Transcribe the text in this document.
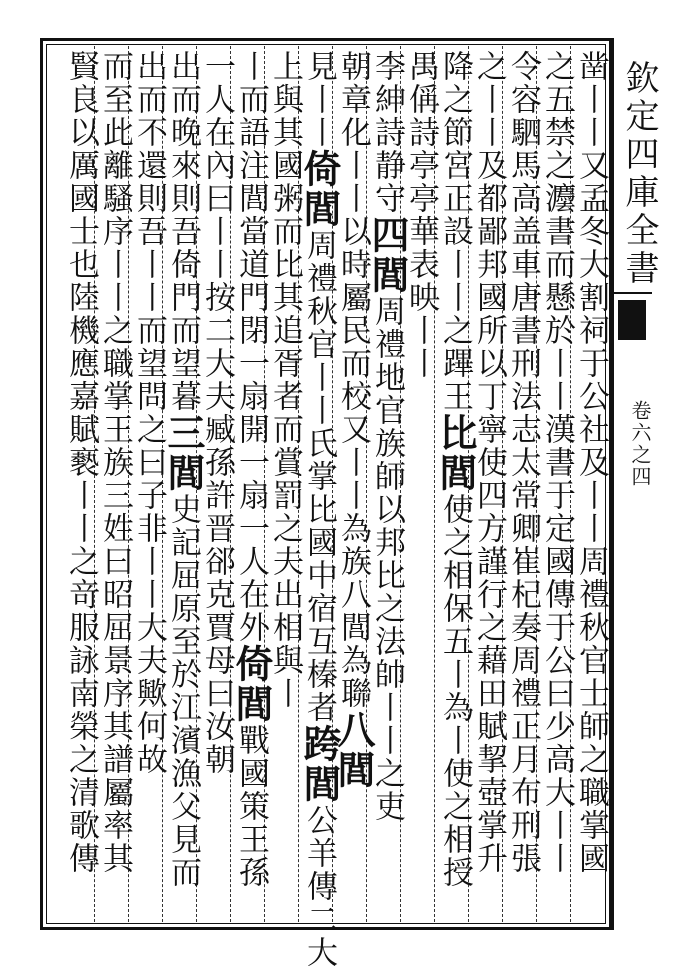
欽定四庫全書
卷六之四
凿丨丨又孟冬大割祠于公社及丨丨周禮秋官士師之職掌國
之五禁之灋書而懸於丨丨漢書于定國傳于公曰少高大丨丨
令容駟馬高盖車唐書刑法志太常卿崔杞奏周禮正月布刑張
之丨丨及都鄙邦國所以丁寧使四方謹行之藉田賦挈壺掌升
降之節宮正設丨丨之蹕王比閭使之相保五丨為丨使之相授
禺偁詩亭亭華表映丨丨
李紳詩静守四閭周禮地官族師以邦比之法帥丨丨之吏
朝章化丨丨以時屬民而校又丨丨為族八閭為聯八閭
見丨丨倚閭周禮秋官丨丨氏掌比國中宿互榛者跨閭公羊傳二大
上與其國粥而比其追胥者而賞罰之夫出相與丨
丨而語注閭當道門閉一扇開一扇一人在外倚閭戰國策王孫
一人在內曰丨丨按二大夫臧孫許晋郤克賈母曰汝朝
出而晚來則吾倚門而望暮三閭史記屈原至於江濱漁父見而
出而不還則吾丨丨而望問之曰子非丨丨大夫歟何故
而至此離騷序丨丨之職掌王族三姓曰昭屈景序其譜屬率其
賢良以厲國士也陸機應嘉賦褻丨丨之竒服詠南榮之清歌傳
